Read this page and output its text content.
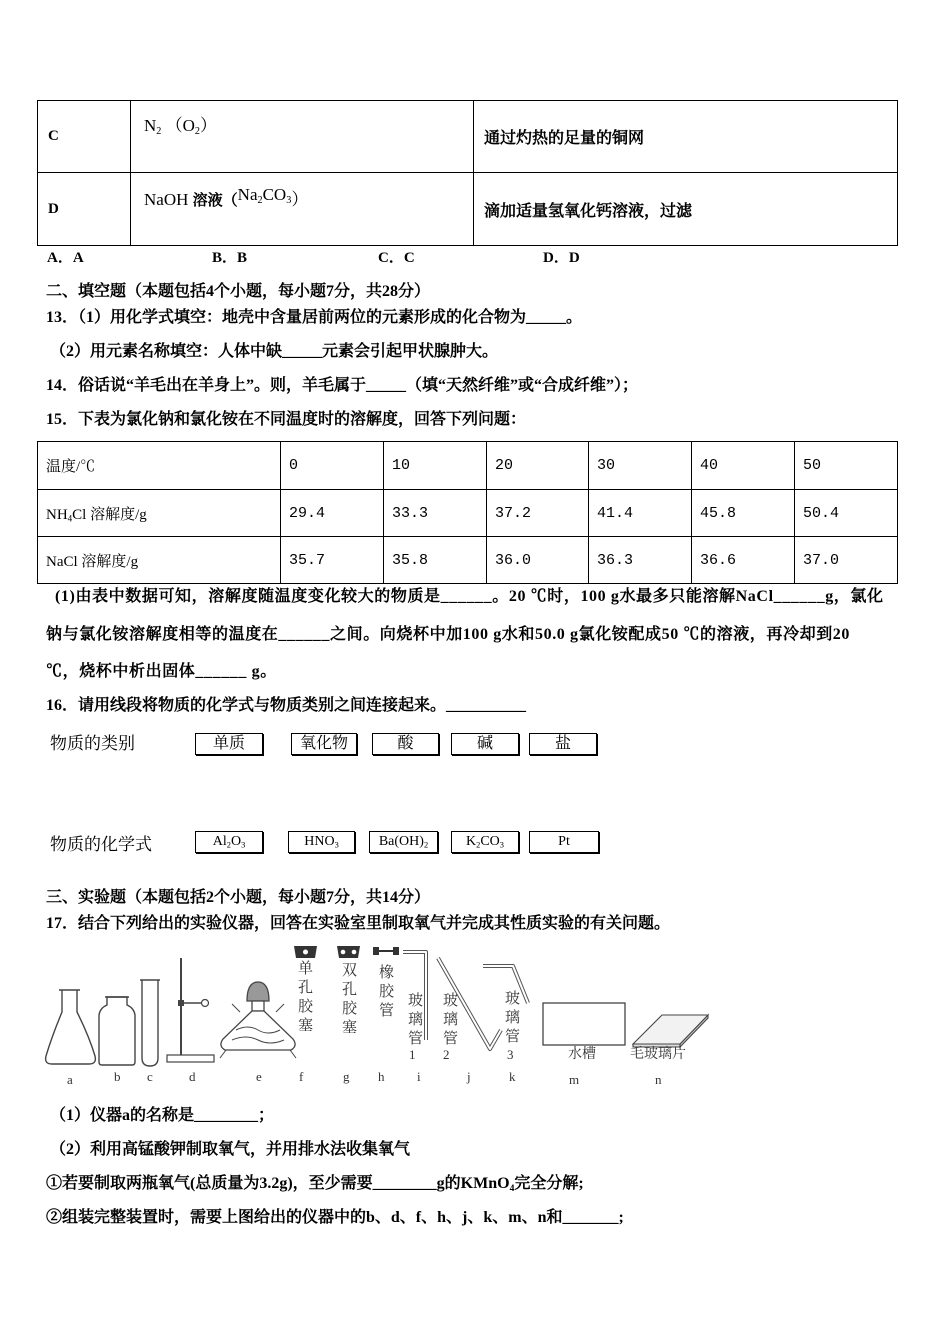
C	$N_2$ $(O_2)$	通过灼热的足量的铜网
D	NaOH 溶液$(Na_2CO_3)$	滴加适量氢氧化钙溶液，过滤
A．A	B．B	C．C	D．D
二、填空题（本题包括4个小题，每小题7分，共28分）
13．（1）用化学式填空：地壳中含量居前两位的元素形成的化合物为_____。
（2）用元素名称填空：人体中缺_____元素会引起甲状腺肿大。
14．俗话说“羊毛出在羊身上”。则，羊毛属于_____（填“天然纤维”或“合成纤维”）；
15．下表为氯化钠和氯化铵在不同温度时的溶解度，回答下列问题：
温度/℃	0	10	20	30	40	50
$NH_4Cl$ 溶解度/g	29.4	33.3	37.2	41.4	45.8	50.4
NaCl 溶解度/g	35.7	35.8	36.0	36.3	36.6	37.0
(1)由表中数据可知，溶解度随温度变化较大的物质是______。20 ℃时，100 g水最多只能溶解NaCl______g，氯化
钠与氯化铵溶解度相等的温度在______之间。向烧杯中加100 g水和50.0 g氯化铵配成50 ℃的溶液，再冷却到20
℃，烧杯中析出固体______ g。
16．请用线段将物质的化学式与物质类别之间连接起来。__________
物质的类别	单质	氧化物	酸	碱	盐
物质的化学式	$Al_2O_3$	$HNO_3$	$Ba(OH)_2$	$K_2CO_3$	Pt
三、实验题（本题包括2个小题，每小题7分，共14分）
17．结合下列给出的实验仪器，回答在实验室里制取氧气并完成其性质实验的有关问题。
单孔胶塞 双孔胶塞 橡胶管 玻璃管 玻璃管	玻璃管
1 2	3	水槽 毛玻璃片
a	b c	d	e	f	g h	i	j	k	m	n
（1）仪器a的名称是________；
（2）利用高锰酸钾制取氧气，并用排水法收集氧气
①若要制取两瓶氧气(总质量为3.2g)，至少需要________g的KMnO$_4$完全分解;
②组装完整装置时，需要上图给出的仪器中的b、d、f、h、j、k、m、n和_______;
